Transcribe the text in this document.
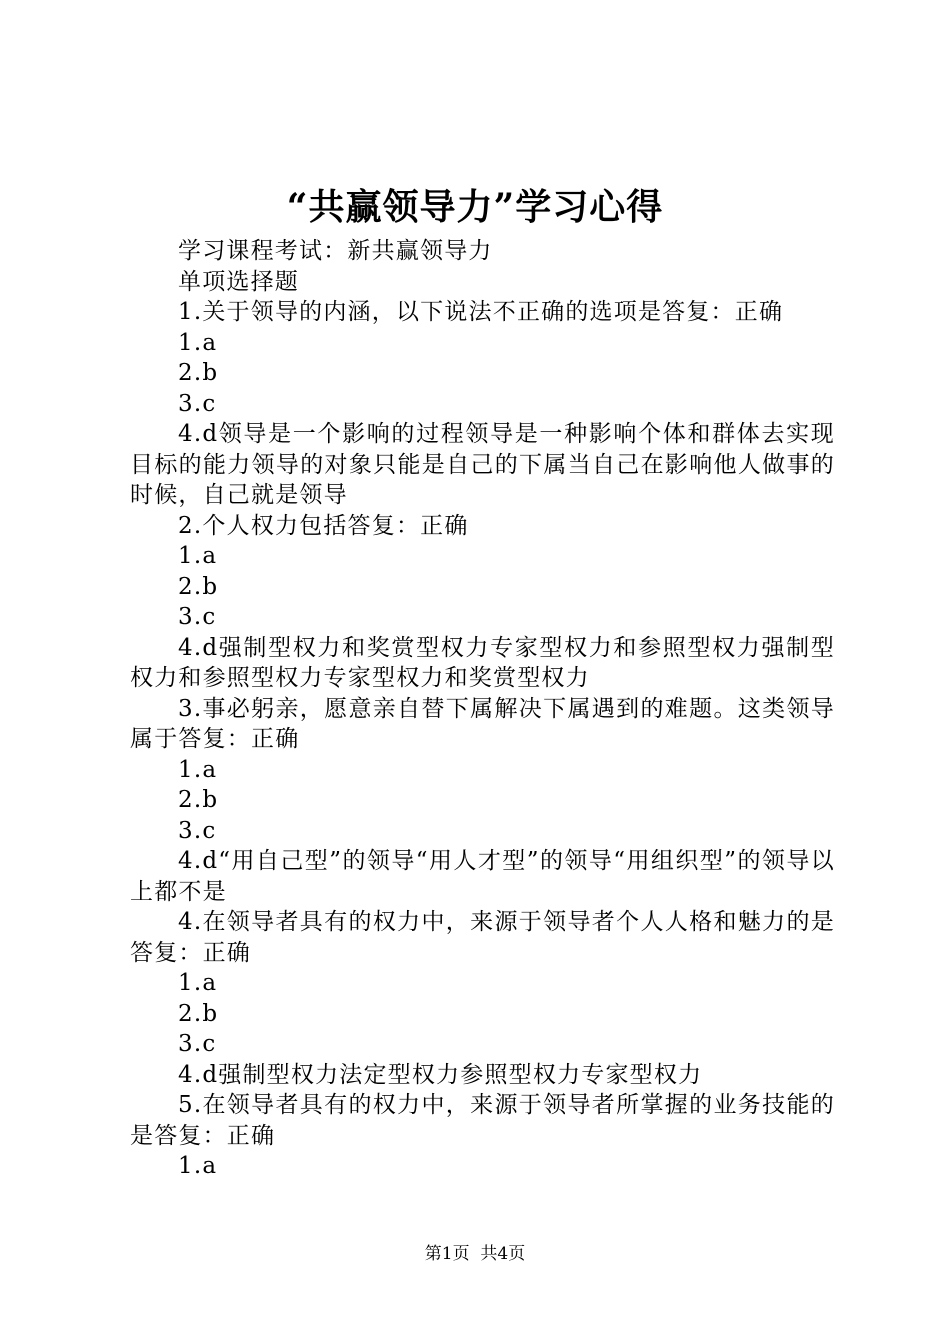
“共赢领导力”学习心得

学习课程考试：新共赢领导力

单项选择题

1.关于领导的内涵，以下说法不正确的选项是答复：正确

1.a

2.b

3.c

4.d领导是一个影响的过程领导是一种影响个体和群体去实现目标的能力领导的对象只能是自己的下属当自己在影响他人做事的时候，自己就是领导

2.个人权力包括答复：正确

1.a

2.b

3.c

4.d强制型权力和奖赏型权力专家型权力和参照型权力强制型权力和参照型权力专家型权力和奖赏型权力

3.事必躬亲，愿意亲自替下属解决下属遇到的难题。这类领导属于答复：正确

1.a

2.b

3.c

4.d“用自己型”的领导“用人才型”的领导“用组织型”的领导以上都不是

4.在领导者具有的权力中，来源于领导者个人人格和魅力的是答复：正确

1.a

2.b

3.c

4.d强制型权力法定型权力参照型权力专家型权力

5.在领导者具有的权力中，来源于领导者所掌握的业务技能的是答复：正确

1.a

第1页  共4页
